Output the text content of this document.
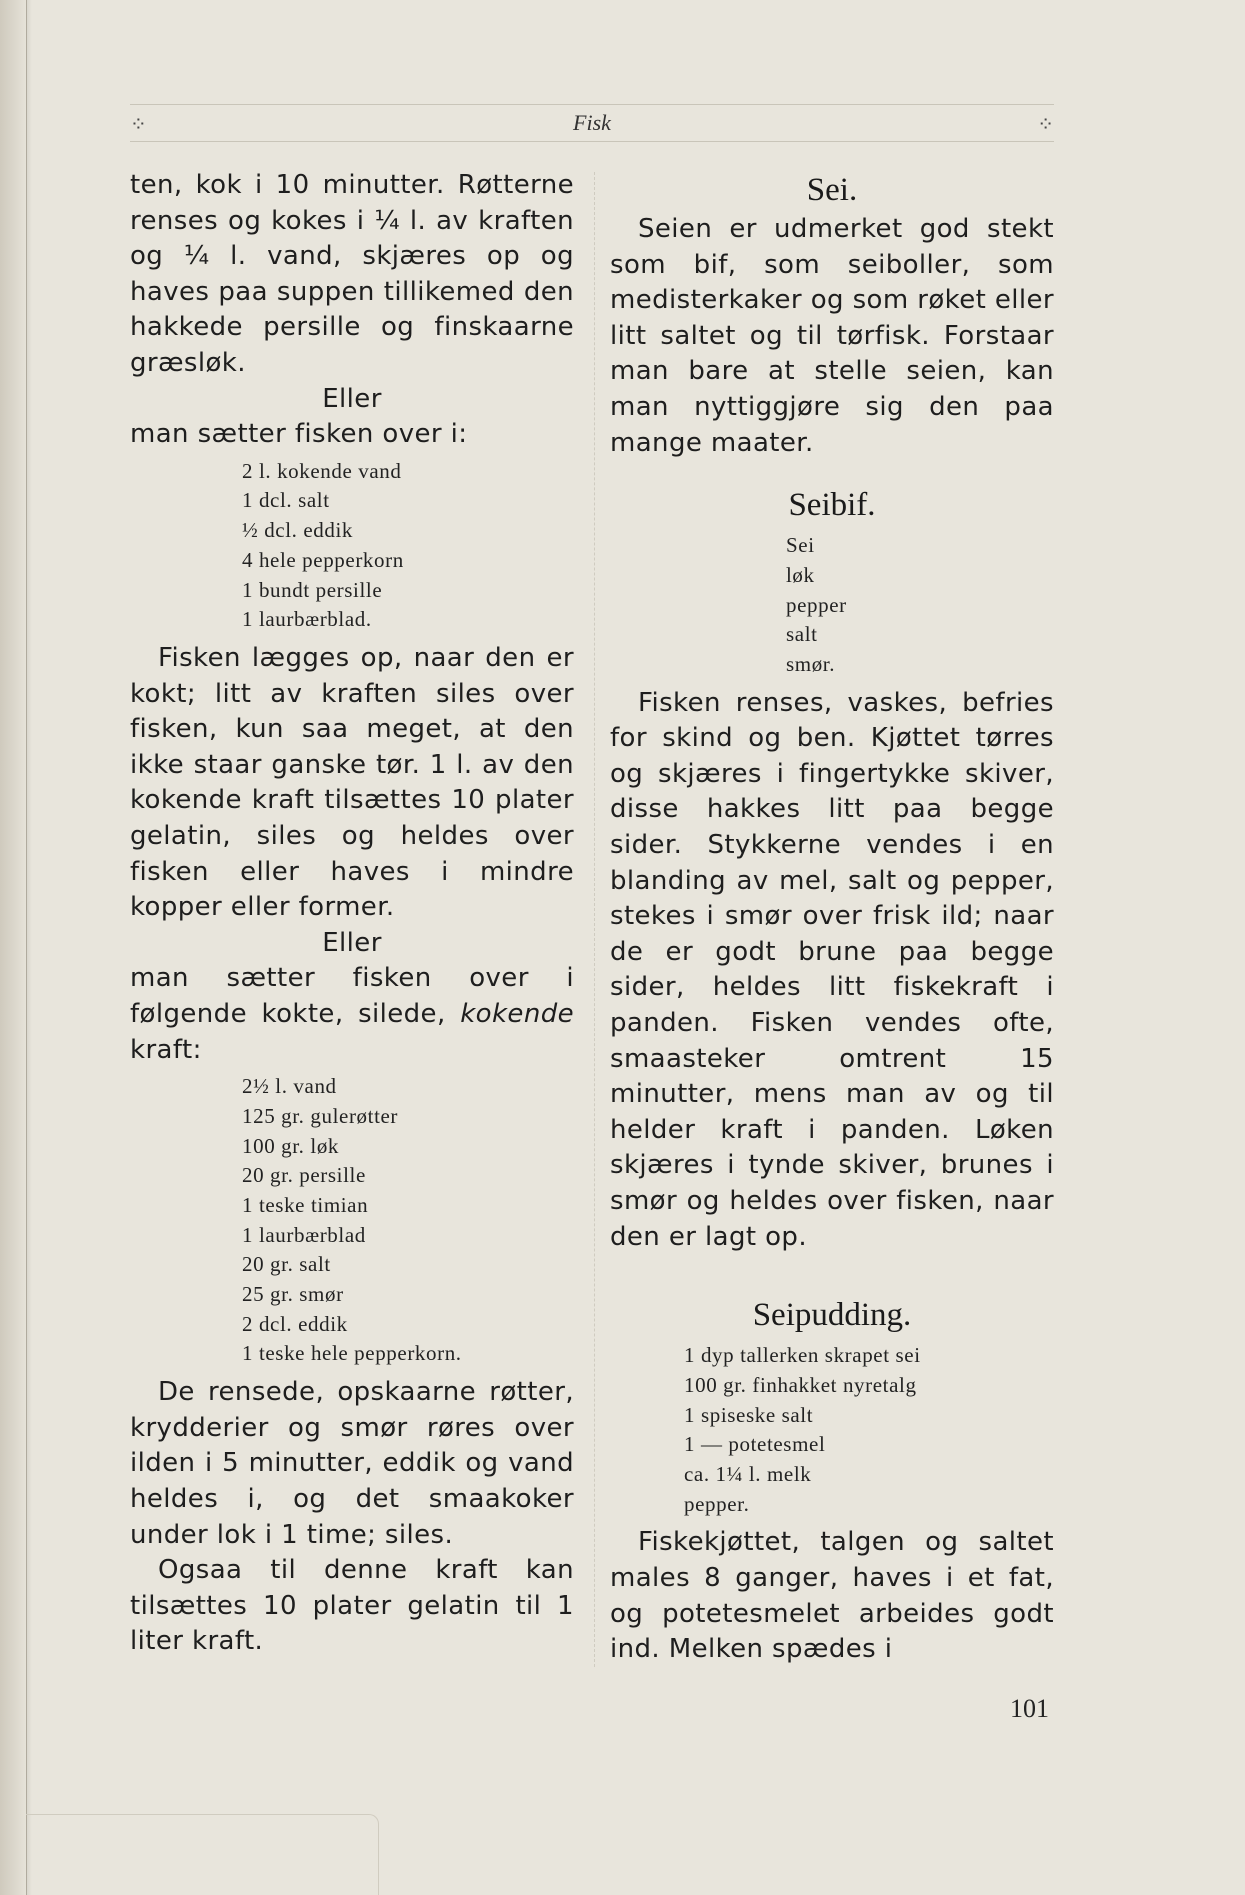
⁘	Fisk	⁘

ten, kok i 10 minutter. Røtterne renses og kokes i ¼ l. av kraften og ¼ l. vand, skjæres op og haves paa suppen tillikemed den hakkede persille og finskaarne græsløk.

Eller

man sætter fisken over i:

2 l. kokende vand

1 dcl. salt

½ dcl. eddik

4 hele pepperkorn

1 bundt persille

1 laurbærblad.

Fisken lægges op, naar den er kokt; litt av kraften siles over fisken, kun saa meget, at den ikke staar ganske tør. 1 l. av den kokende kraft tilsættes 10 plater gelatin, siles og heldes over fisken eller haves i mindre kopper eller former.

Eller

man sætter fisken over i følgende kokte, silede, kokende kraft:

2½ l. vand

125 gr. gulerøtter

100 gr. løk

20 gr. persille

1 teske timian

1 laurbærblad

20 gr. salt

25 gr. smør

2 dcl. eddik

1 teske hele pepperkorn.

De rensede, opskaarne røtter, krydderier og smør røres over ilden i 5 minutter, eddik og vand heldes i, og det smaakoker under lok i 1 time; siles.

Ogsaa til denne kraft kan tilsættes 10 plater gelatin til 1 liter kraft.

Sei.

Seien er udmerket god stekt som bif, som seiboller, som medisterkaker og som røket eller litt saltet og til tørfisk. Forstaar man bare at stelle seien, kan man nyttiggjøre sig den paa mange maater.

Seibif.

Sei

løk

pepper

salt

smør.

Fisken renses, vaskes, befries for skind og ben. Kjøttet tørres og skjæres i fingertykke skiver, disse hakkes litt paa begge sider. Stykkerne vendes i en blanding av mel, salt og pepper, stekes i smør over frisk ild; naar de er godt brune paa begge sider, heldes litt fiskekraft i panden. Fisken vendes ofte, smaasteker omtrent 15 minutter, mens man av og til helder kraft i panden. Løken skjæres i tynde skiver, brunes i smør og heldes over fisken, naar den er lagt op.

Seipudding.

1 dyp tallerken skrapet sei

100 gr. finhakket nyretalg

1 spiseske salt

1 — potetesmel

ca. 1¼ l. melk

pepper.

Fiskekjøttet, talgen og saltet males 8 ganger, haves i et fat, og potetesmelet arbeides godt ind. Melken spædes i

101
